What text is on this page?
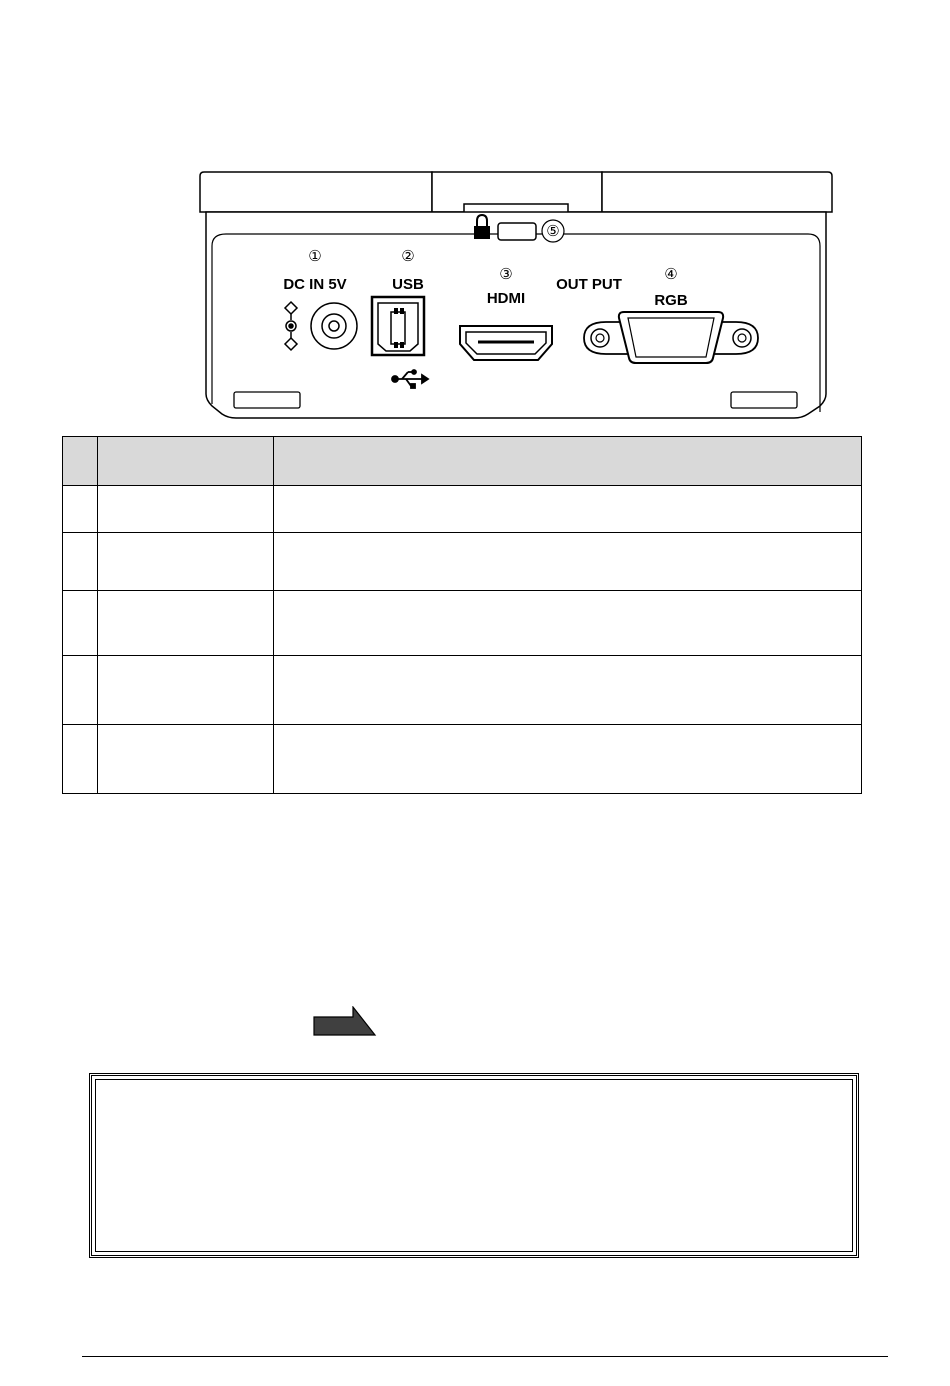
⑤
①
DC IN 5V
②
USB
③
HDMI
OUT PUT
④
RGB
